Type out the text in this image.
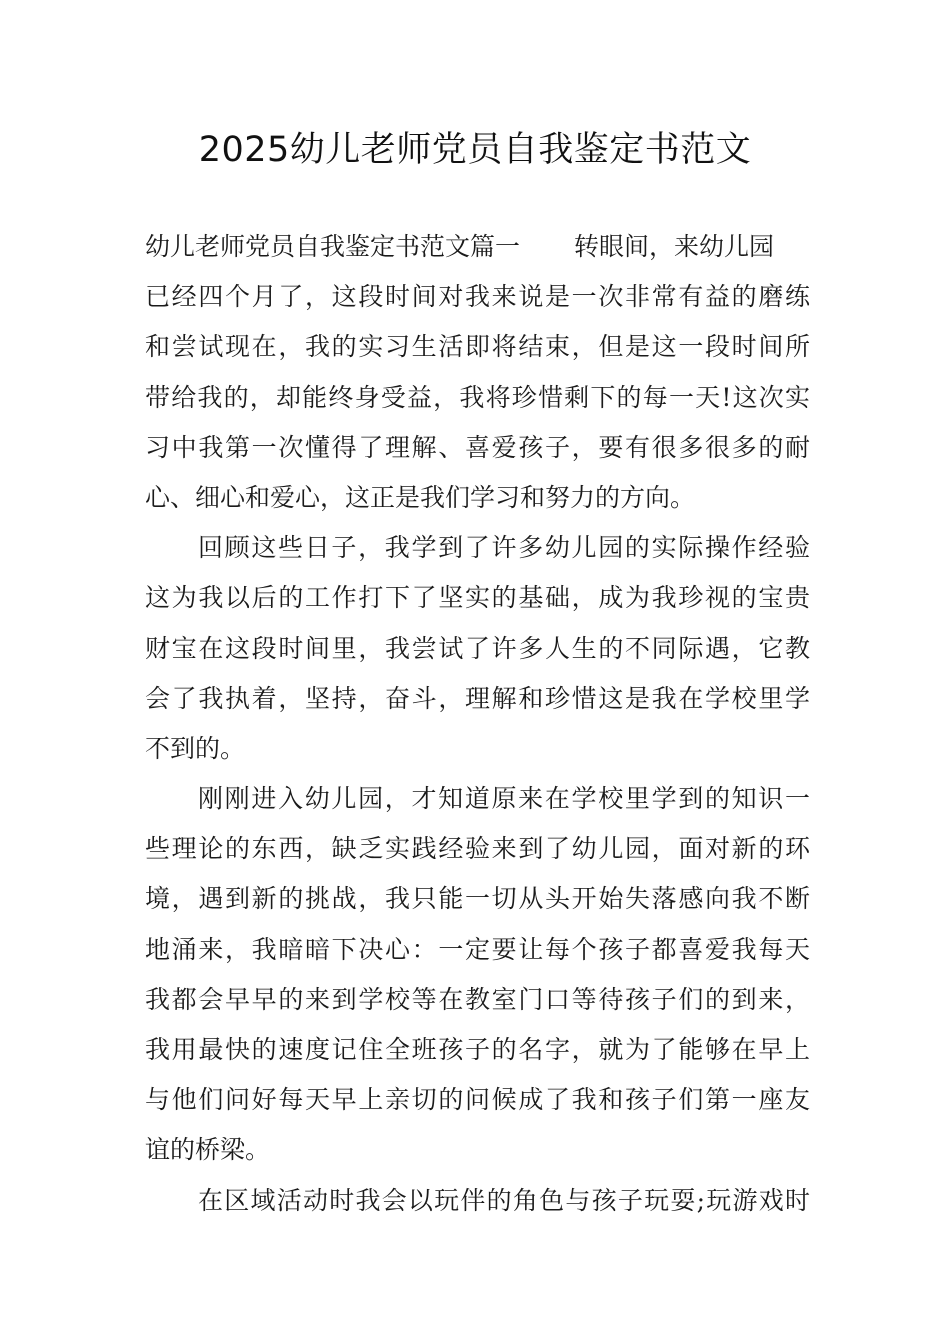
2025幼儿老师党员自我鉴定书范文
幼儿老师党员自我鉴定书范文篇一 转眼间，来幼儿园
已经四个月了，这段时间对我来说是一次非常有益的磨练
和尝试现在，我的实习生活即将结束，但是这一段时间所
带给我的，却能终身受益，我将珍惜剩下的每一天!这次实
习中我第一次懂得了理解、喜爱孩子，要有很多很多的耐
心、细心和爱心，这正是我们学习和努力的方向。
回顾这些日子，我学到了许多幼儿园的实际操作经验
这为我以后的工作打下了坚实的基础，成为我珍视的宝贵
财宝在这段时间里，我尝试了许多人生的不同际遇，它教
会了我执着，坚持，奋斗，理解和珍惜这是我在学校里学
不到的。
刚刚进入幼儿园，才知道原来在学校里学到的知识一
些理论的东西，缺乏实践经验来到了幼儿园，面对新的环
境，遇到新的挑战，我只能一切从头开始失落感向我不断
地涌来，我暗暗下决心：一定要让每个孩子都喜爱我每天
我都会早早的来到学校等在教室门口等待孩子们的到来，
我用最快的速度记住全班孩子的名字，就为了能够在早上
与他们问好每天早上亲切的问候成了我和孩子们第一座友
谊的桥梁。
在区域活动时我会以玩伴的角色与孩子玩耍;玩游戏时
